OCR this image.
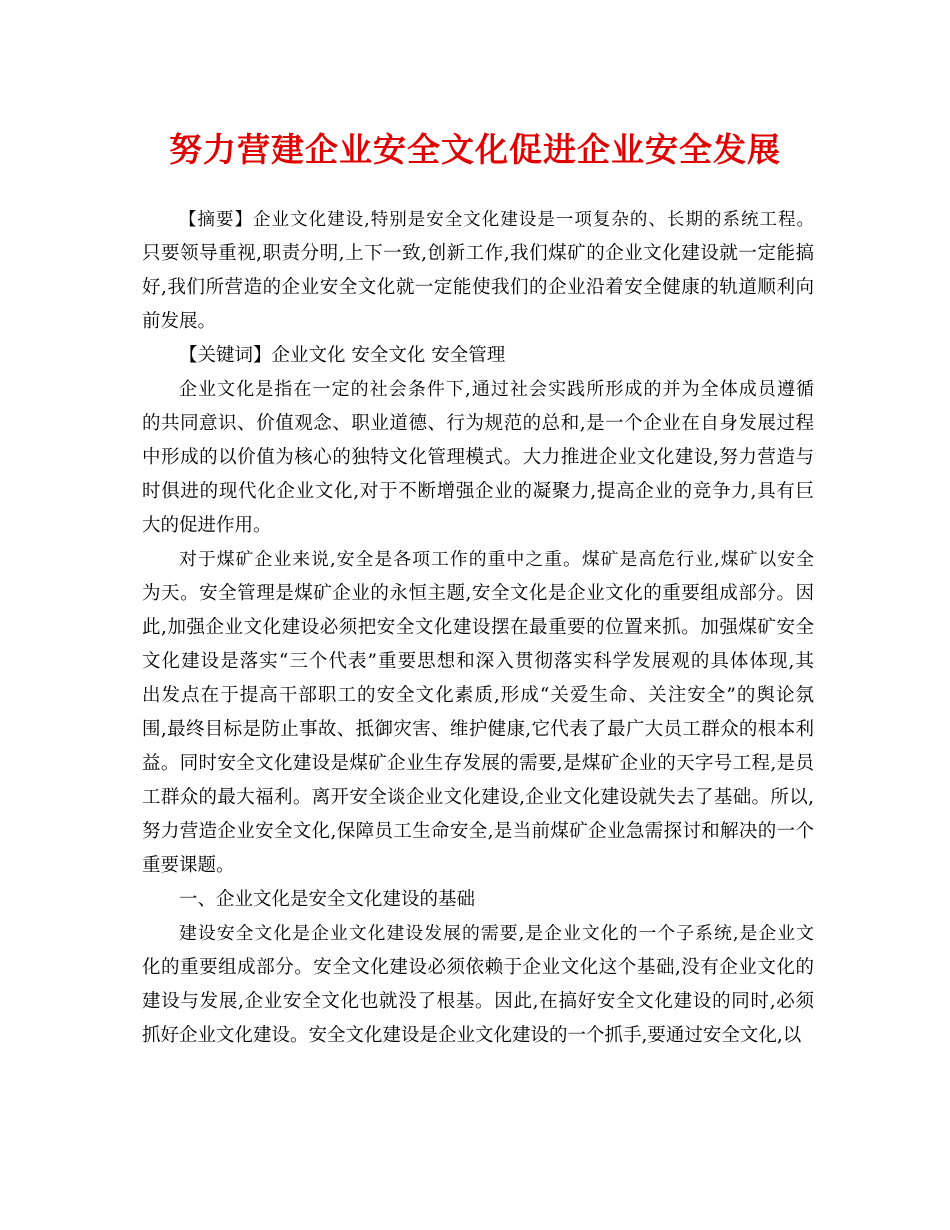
努力营建企业安全文化促进企业安全发展
【摘要】企业文化建设,特别是安全文化建设是一项复杂的、长期的系统工程。
只要领导重视,职责分明,上下一致,创新工作,我们煤矿的企业文化建设就一定能搞
好,我们所营造的企业安全文化就一定能使我们的企业沿着安全健康的轨道顺利向
前发展。
【关键词】企业文化 安全文化 安全管理
企业文化是指在一定的社会条件下,通过社会实践所形成的并为全体成员遵循
的共同意识、价值观念、职业道德、行为规范的总和,是一个企业在自身发展过程
中形成的以价值为核心的独特文化管理模式。大力推进企业文化建设,努力营造与
时俱进的现代化企业文化,对于不断增强企业的凝聚力,提高企业的竞争力,具有巨
大的促进作用。
对于煤矿企业来说,安全是各项工作的重中之重。煤矿是高危行业,煤矿以安全
为天。安全管理是煤矿企业的永恒主题,安全文化是企业文化的重要组成部分。因
此,加强企业文化建设必须把安全文化建设摆在最重要的位置来抓。加强煤矿安全
文化建设是落实“三个代表”重要思想和深入贯彻落实科学发展观的具体体现,其
出发点在于提高干部职工的安全文化素质,形成“关爱生命、关注安全”的舆论氛
围,最终目标是防止事故、抵御灾害、维护健康,它代表了最广大员工群众的根本利
益。同时安全文化建设是煤矿企业生存发展的需要,是煤矿企业的天字号工程,是员
工群众的最大福利。离开安全谈企业文化建设,企业文化建设就失去了基础。所以,
努力营造企业安全文化,保障员工生命安全,是当前煤矿企业急需探讨和解决的一个
重要课题。
一、企业文化是安全文化建设的基础
建设安全文化是企业文化建设发展的需要,是企业文化的一个子系统,是企业文
化的重要组成部分。安全文化建设必须依赖于企业文化这个基础,没有企业文化的
建设与发展,企业安全文化也就没了根基。因此,在搞好安全文化建设的同时,必须
抓好企业文化建设。安全文化建设是企业文化建设的一个抓手,要通过安全文化,以
